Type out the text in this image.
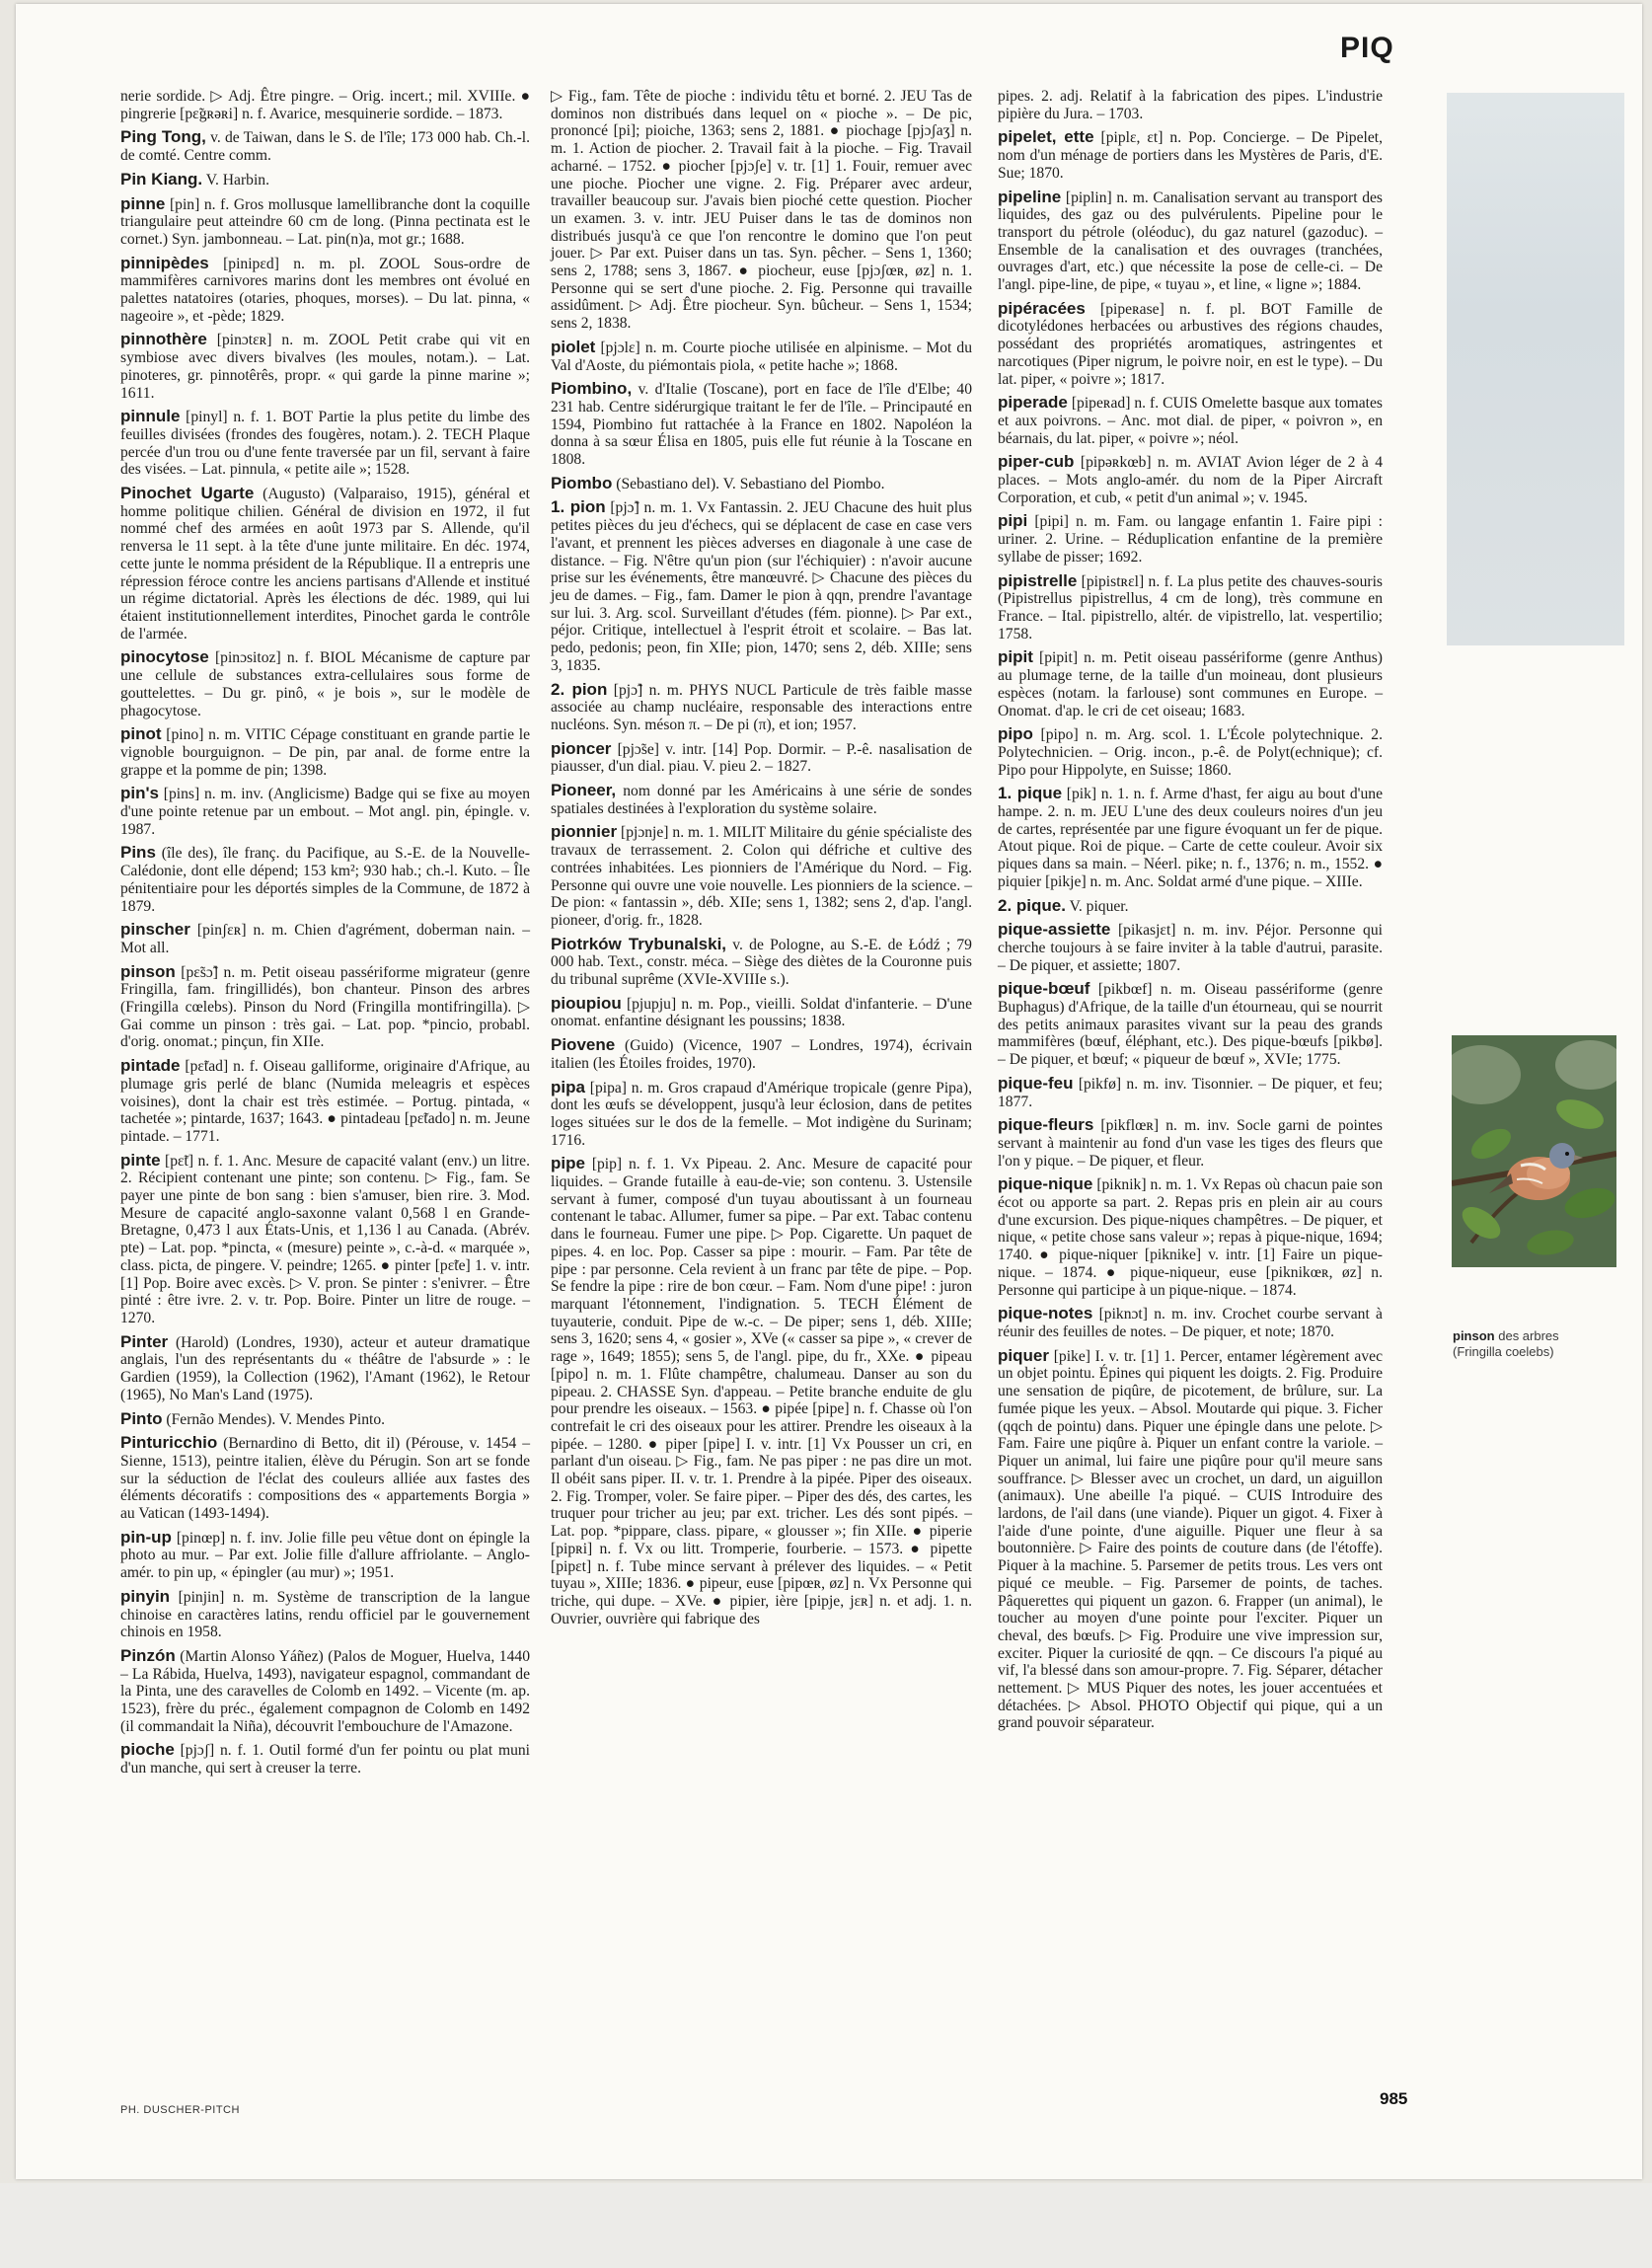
PIQ

nerie sordide. ▷ Adj. Être pingre. – Orig. incert.; mil. XVIIIe. ● pingrerie [pɛ̃gʀəʀi] n. f. Avarice, mesquinerie sordide. – 1873.

Ping Tong, v. de Taiwan, dans le S. de l'île; 173 000 hab. Ch.-l. de comté. Centre comm.

Pin Kiang. V. Harbin.

pinne [pin] n. f. Gros mollusque lamellibranche dont la coquille triangulaire peut atteindre 60 cm de long. (Pinna pectinata est le cornet.) Syn. jambonneau. – Lat. pin(n)a, mot gr.; 1688.

pinnipèdes [pinipɛd] n. m. pl. ZOOL Sous-ordre de mammifères carnivores marins dont les membres ont évolué en palettes natatoires (otaries, phoques, morses). – Du lat. pinna, « nageoire », et -pède; 1829.

pinnothère [pinɔtɛʀ] n. m. ZOOL Petit crabe qui vit en symbiose avec divers bivalves (les moules, notam.). – Lat. pinoteres, gr. pinnotêrês, propr. « qui garde la pinne marine »; 1611.

pinnule [pinyl] n. f. 1. BOT Partie la plus petite du limbe des feuilles divisées (frondes des fougères, notam.). 2. TECH Plaque percée d'un trou ou d'une fente traversée par un fil, servant à faire des visées. – Lat. pinnula, « petite aile »; 1528.

Pinochet Ugarte (Augusto) (Valparaiso, 1915), général et homme politique chilien. Général de division en 1972, il fut nommé chef des armées en août 1973 par S. Allende, qu'il renversa le 11 sept. à la tête d'une junte militaire. En déc. 1974, cette junte le nomma président de la République. Il a entrepris une répression féroce contre les anciens partisans d'Allende et institué un régime dictatorial. Après les élections de déc. 1989, qui lui étaient institutionnellement interdites, Pinochet garda le contrôle de l'armée.

pinocytose [pinɔsitoz] n. f. BIOL Mécanisme de capture par une cellule de substances extra-cellulaires sous forme de gouttelettes. – Du gr. pinô, « je bois », sur le modèle de phagocytose.

pinot [pino] n. m. VITIC Cépage constituant en grande partie le vignoble bourguignon. – De pin, par anal. de forme entre la grappe et la pomme de pin; 1398.

pin's [pins] n. m. inv. (Anglicisme) Badge qui se fixe au moyen d'une pointe retenue par un embout. – Mot angl. pin, épingle. v. 1987.

Pins (île des), île franç. du Pacifique, au S.-E. de la Nouvelle-Calédonie, dont elle dépend; 153 km²; 930 hab.; ch.-l. Kuto. – Île pénitentiaire pour les déportés simples de la Commune, de 1872 à 1879.

pinscher [pinʃɛʀ] n. m. Chien d'agrément, doberman nain. – Mot all.

pinson [pɛ̃sɔ̃] n. m. Petit oiseau passériforme migrateur (genre Fringilla, fam. fringillidés), bon chanteur. Pinson des arbres (Fringilla cœlebs). Pinson du Nord (Fringilla montifringilla). ▷ Gai comme un pinson : très gai. – Lat. pop. *pincio, probabl. d'orig. onomat.; pinçun, fin XIIe.

pintade [pɛ̃tad] n. f. Oiseau galliforme, originaire d'Afrique, au plumage gris perlé de blanc (Numida meleagris et espèces voisines), dont la chair est très estimée. – Portug. pintada, « tachetée »; pintarde, 1637; 1643. ● pintadeau [pɛ̃tado] n. m. Jeune pintade. – 1771.

pinte [pɛ̃t] n. f. 1. Anc. Mesure de capacité valant (env.) un litre. 2. Récipient contenant une pinte; son contenu. ▷ Fig., fam. Se payer une pinte de bon sang : bien s'amuser, bien rire. 3. Mod. Mesure de capacité anglo-saxonne valant 0,568 l en Grande-Bretagne, 0,473 l aux États-Unis, et 1,136 l au Canada. (Abrév. pte) – Lat. pop. *pincta, « (mesure) peinte », c.-à-d. « marquée », class. picta, de pingere. V. peindre; 1265. ● pinter [pɛ̃te] 1. v. intr. [1] Pop. Boire avec excès. ▷ V. pron. Se pinter : s'enivrer. – Être pinté : être ivre. 2. v. tr. Pop. Boire. Pinter un litre de rouge. – 1270.

Pinter (Harold) (Londres, 1930), acteur et auteur dramatique anglais, l'un des représentants du « théâtre de l'absurde » : le Gardien (1959), la Collection (1962), l'Amant (1962), le Retour (1965), No Man's Land (1975).

Pinto (Fernão Mendes). V. Mendes Pinto.

Pinturicchio (Bernardino di Betto, dit il) (Pérouse, v. 1454 – Sienne, 1513), peintre italien, élève du Pérugin. Son art se fonde sur la séduction de l'éclat des couleurs alliée aux fastes des éléments décoratifs : compositions des « appartements Borgia » au Vatican (1493-1494).

pin-up [pinœp] n. f. inv. Jolie fille peu vêtue dont on épingle la photo au mur. – Par ext. Jolie fille d'allure affriolante. – Anglo-amér. to pin up, « épingler (au mur) »; 1951.

pinyin [pinjin] n. m. Système de transcription de la langue chinoise en caractères latins, rendu officiel par le gouvernement chinois en 1958.

Pinzón (Martin Alonso Yáñez) (Palos de Moguer, Huelva, 1440 – La Rábida, Huelva, 1493), navigateur espagnol, commandant de la Pinta, une des caravelles de Colomb en 1492. – Vicente (m. ap. 1523), frère du préc., également compagnon de Colomb en 1492 (il commandait la Niña), découvrit l'embouchure de l'Amazone.

pioche [pjɔʃ] n. f. 1. Outil formé d'un fer pointu ou plat muni d'un manche, qui sert à creuser la terre.

▷ Fig., fam. Tête de pioche : individu têtu et borné. 2. JEU Tas de dominos non distribués dans lequel on « pioche ». – De pic, prononcé [pi]; pioiche, 1363; sens 2, 1881. ● piochage [pjɔʃaʒ] n. m. 1. Action de piocher. 2. Travail fait à la pioche. – Fig. Travail acharné. – 1752. ● piocher [pjɔʃe] v. tr. [1] 1. Fouir, remuer avec une pioche. Piocher une vigne. 2. Fig. Préparer avec ardeur, travailler beaucoup sur. J'avais bien pioché cette question. Piocher un examen. 3. v. intr. JEU Puiser dans le tas de dominos non distribués jusqu'à ce que l'on rencontre le domino que l'on peut jouer. ▷ Par ext. Puiser dans un tas. Syn. pêcher. – Sens 1, 1360; sens 2, 1788; sens 3, 1867. ● piocheur, euse [pjɔʃœʀ, øz] n. 1. Personne qui se sert d'une pioche. 2. Fig. Personne qui travaille assidûment. ▷ Adj. Être piocheur. Syn. bûcheur. – Sens 1, 1534; sens 2, 1838.

piolet [pjɔlɛ] n. m. Courte pioche utilisée en alpinisme. – Mot du Val d'Aoste, du piémontais piola, « petite hache »; 1868.

Piombino, v. d'Italie (Toscane), port en face de l'île d'Elbe; 40 231 hab. Centre sidérurgique traitant le fer de l'île. – Principauté en 1594, Piombino fut rattachée à la France en 1802. Napoléon la donna à sa sœur Élisa en 1805, puis elle fut réunie à la Toscane en 1808.

Piombo (Sebastiano del). V. Sebastiano del Piombo.

1. pion [pjɔ̃] n. m. 1. Vx Fantassin. 2. JEU Chacune des huit plus petites pièces du jeu d'échecs, qui se déplacent de case en case vers l'avant, et prennent les pièces adverses en diagonale à une case de distance. – Fig. N'être qu'un pion (sur l'échiquier) : n'avoir aucune prise sur les événements, être manœuvré. ▷ Chacune des pièces du jeu de dames. – Fig., fam. Damer le pion à qqn, prendre l'avantage sur lui. 3. Arg. scol. Surveillant d'études (fém. pionne). ▷ Par ext., péjor. Critique, intellectuel à l'esprit étroit et scolaire. – Bas lat. pedo, pedonis; peon, fin XIIe; pion, 1470; sens 2, déb. XIIIe; sens 3, 1835.

2. pion [pjɔ̃] n. m. PHYS NUCL Particule de très faible masse associée au champ nucléaire, responsable des interactions entre nucléons. Syn. méson π. – De pi (π), et ion; 1957.

pioncer [pjɔ̃se] v. intr. [14] Pop. Dormir. – P.-ê. nasalisation de piausser, d'un dial. piau. V. pieu 2. – 1827.

Pioneer, nom donné par les Américains à une série de sondes spatiales destinées à l'exploration du système solaire.

pionnier [pjɔnje] n. m. 1. MILIT Militaire du génie spécialiste des travaux de terrassement. 2. Colon qui défriche et cultive des contrées inhabitées. Les pionniers de l'Amérique du Nord. – Fig. Personne qui ouvre une voie nouvelle. Les pionniers de la science. – De pion: « fantassin », déb. XIIe; sens 1, 1382; sens 2, d'ap. l'angl. pioneer, d'orig. fr., 1828.

Piotrków Trybunalski, v. de Pologne, au S.-E. de Łódź ; 79 000 hab. Text., constr. méca. – Siège des diètes de la Couronne puis du tribunal suprême (XVIe-XVIIIe s.).

pioupiou [pjupju] n. m. Pop., vieilli. Soldat d'infanterie. – D'une onomat. enfantine désignant les poussins; 1838.

Piovene (Guido) (Vicence, 1907 – Londres, 1974), écrivain italien (les Étoiles froides, 1970).

pipa [pipa] n. m. Gros crapaud d'Amérique tropicale (genre Pipa), dont les œufs se développent, jusqu'à leur éclosion, dans de petites loges situées sur le dos de la femelle. – Mot indigène du Surinam; 1716.

pipe [pip] n. f. 1. Vx Pipeau. 2. Anc. Mesure de capacité pour liquides. – Grande futaille à eau-de-vie; son contenu. 3. Ustensile servant à fumer, composé d'un tuyau aboutissant à un fourneau contenant le tabac. Allumer, fumer sa pipe. – Par ext. Tabac contenu dans le fourneau. Fumer une pipe. ▷ Pop. Cigarette. Un paquet de pipes. 4. en loc. Pop. Casser sa pipe : mourir. – Fam. Par tête de pipe : par personne. Cela revient à un franc par tête de pipe. – Pop. Se fendre la pipe : rire de bon cœur. – Fam. Nom d'une pipe! : juron marquant l'étonnement, l'indignation. 5. TECH Élément de tuyauterie, conduit. Pipe de w.-c. – De piper; sens 1, déb. XIIIe; sens 3, 1620; sens 4, « gosier », XVe (« casser sa pipe », « crever de rage », 1649; 1855); sens 5, de l'angl. pipe, du fr., XXe. ● pipeau [pipo] n. m. 1. Flûte champêtre, chalumeau. Danser au son du pipeau. 2. CHASSE Syn. d'appeau. – Petite branche enduite de glu pour prendre les oiseaux. – 1563. ● pipée [pipe] n. f. Chasse où l'on contrefait le cri des oiseaux pour les attirer. Prendre les oiseaux à la pipée. – 1280. ● piper [pipe] I. v. intr. [1] Vx Pousser un cri, en parlant d'un oiseau. ▷ Fig., fam. Ne pas piper : ne pas dire un mot. Il obéit sans piper. II. v. tr. 1. Prendre à la pipée. Piper des oiseaux. 2. Fig. Tromper, voler. Se faire piper. – Piper des dés, des cartes, les truquer pour tricher au jeu; par ext. tricher. Les dés sont pipés. – Lat. pop. *pippare, class. pipare, « glousser »; fin XIIe. ● piperie [pipʀi] n. f. Vx ou litt. Tromperie, fourberie. – 1573. ● pipette [pipɛt] n. f. Tube mince servant à prélever des liquides. – « Petit tuyau », XIIIe; 1836. ● pipeur, euse [pipœʀ, øz] n. Vx Personne qui triche, qui dupe. – XVe. ● pipier, ière [pipje, jɛʀ] n. et adj. 1. n. Ouvrier, ouvrière qui fabrique des

pipes. 2. adj. Relatif à la fabrication des pipes. L'industrie pipière du Jura. – 1703.

pipelet, ette [piplɛ, ɛt] n. Pop. Concierge. – De Pipelet, nom d'un ménage de portiers dans les Mystères de Paris, d'E. Sue; 1870.

pipeline [piplin] n. m. Canalisation servant au transport des liquides, des gaz ou des pulvérulents. Pipeline pour le transport du pétrole (oléoduc), du gaz naturel (gazoduc). – Ensemble de la canalisation et des ouvrages (tranchées, ouvrages d'art, etc.) que nécessite la pose de celle-ci. – De l'angl. pipe-line, de pipe, « tuyau », et line, « ligne »; 1884.

pipéracées [pipeʀase] n. f. pl. BOT Famille de dicotylédones herbacées ou arbustives des régions chaudes, possédant des propriétés aromatiques, astringentes et narcotiques (Piper nigrum, le poivre noir, en est le type). – Du lat. piper, « poivre »; 1817.

piperade [pipeʀad] n. f. CUIS Omelette basque aux tomates et aux poivrons. – Anc. mot dial. de piper, « poivron », en béarnais, du lat. piper, « poivre »; néol.

piper-cub [pipəʀkœb] n. m. AVIAT Avion léger de 2 à 4 places. – Mots anglo-amér. du nom de la Piper Aircraft Corporation, et cub, « petit d'un animal »; v. 1945.

pipi [pipi] n. m. Fam. ou langage enfantin 1. Faire pipi : uriner. 2. Urine. – Réduplication enfantine de la première syllabe de pisser; 1692.

pipistrelle [pipistʀɛl] n. f. La plus petite des chauves-souris (Pipistrellus pipistrellus, 4 cm de long), très commune en France. – Ital. pipistrello, altér. de vipistrello, lat. vespertilio; 1758.

pipit [pipit] n. m. Petit oiseau passériforme (genre Anthus) au plumage terne, de la taille d'un moineau, dont plusieurs espèces (notam. la farlouse) sont communes en Europe. – Onomat. d'ap. le cri de cet oiseau; 1683.

pipo [pipo] n. m. Arg. scol. 1. L'École polytechnique. 2. Polytechnicien. – Orig. incon., p.-ê. de Polyt(echnique); cf. Pipo pour Hippolyte, en Suisse; 1860.

1. pique [pik] n. 1. n. f. Arme d'hast, fer aigu au bout d'une hampe. 2. n. m. JEU L'une des deux couleurs noires d'un jeu de cartes, représentée par une figure évoquant un fer de pique. Atout pique. Roi de pique. – Carte de cette couleur. Avoir six piques dans sa main. – Néerl. pike; n. f., 1376; n. m., 1552. ● piquier [pikje] n. m. Anc. Soldat armé d'une pique. – XIIIe.

2. pique. V. piquer.

pique-assiette [pikasjɛt] n. m. inv. Péjor. Personne qui cherche toujours à se faire inviter à la table d'autrui, parasite. – De piquer, et assiette; 1807.

pique-bœuf [pikbœf] n. m. Oiseau passériforme (genre Buphagus) d'Afrique, de la taille d'un étourneau, qui se nourrit des petits animaux parasites vivant sur la peau des grands mammifères (bœuf, éléphant, etc.). Des pique-bœufs [pikbø]. – De piquer, et bœuf; « piqueur de bœuf », XVIe; 1775.

pique-feu [pikfø] n. m. inv. Tisonnier. – De piquer, et feu; 1877.

pique-fleurs [pikflœʀ] n. m. inv. Socle garni de pointes servant à maintenir au fond d'un vase les tiges des fleurs que l'on y pique. – De piquer, et fleur.

pique-nique [piknik] n. m. 1. Vx Repas où chacun paie son écot ou apporte sa part. 2. Repas pris en plein air au cours d'une excursion. Des pique-niques champêtres. – De piquer, et nique, « petite chose sans valeur »; repas à pique-nique, 1694; 1740. ● pique-niquer [piknike] v. intr. [1] Faire un pique-nique. – 1874. ● pique-niqueur, euse [piknikœʀ, øz] n. Personne qui participe à un pique-nique. – 1874.

pique-notes [piknɔt] n. m. inv. Crochet courbe servant à réunir des feuilles de notes. – De piquer, et note; 1870.

piquer [pike] I. v. tr. [1] 1. Percer, entamer légèrement avec un objet pointu. Épines qui piquent les doigts. 2. Fig. Produire une sensation de piqûre, de picotement, de brûlure, sur. La fumée pique les yeux. – Absol. Moutarde qui pique. 3. Ficher (qqch de pointu) dans. Piquer une épingle dans une pelote. ▷ Fam. Faire une piqûre à. Piquer un enfant contre la variole. – Piquer un animal, lui faire une piqûre pour qu'il meure sans souffrance. ▷ Blesser avec un crochet, un dard, un aiguillon (animaux). Une abeille l'a piqué. – CUIS Introduire des lardons, de l'ail dans (une viande). Piquer un gigot. 4. Fixer à l'aide d'une pointe, d'une aiguille. Piquer une fleur à sa boutonnière. ▷ Faire des points de couture dans (de l'étoffe). Piquer à la machine. 5. Parsemer de petits trous. Les vers ont piqué ce meuble. – Fig. Parsemer de points, de taches. Pâquerettes qui piquent un gazon. 6. Frapper (un animal), le toucher au moyen d'une pointe pour l'exciter. Piquer un cheval, des bœufs. ▷ Fig. Produire une vive impression sur, exciter. Piquer la curiosité de qqn. – Ce discours l'a piqué au vif, l'a blessé dans son amour-propre. 7. Fig. Séparer, détacher nettement. ▷ MUS Piquer des notes, les jouer accentuées et détachées. ▷ Absol. PHOTO Objectif qui pique, qui a un grand pouvoir séparateur.

pinson des arbres
(Fringilla coelebs)
PH. DUSCHER-PITCH
985
